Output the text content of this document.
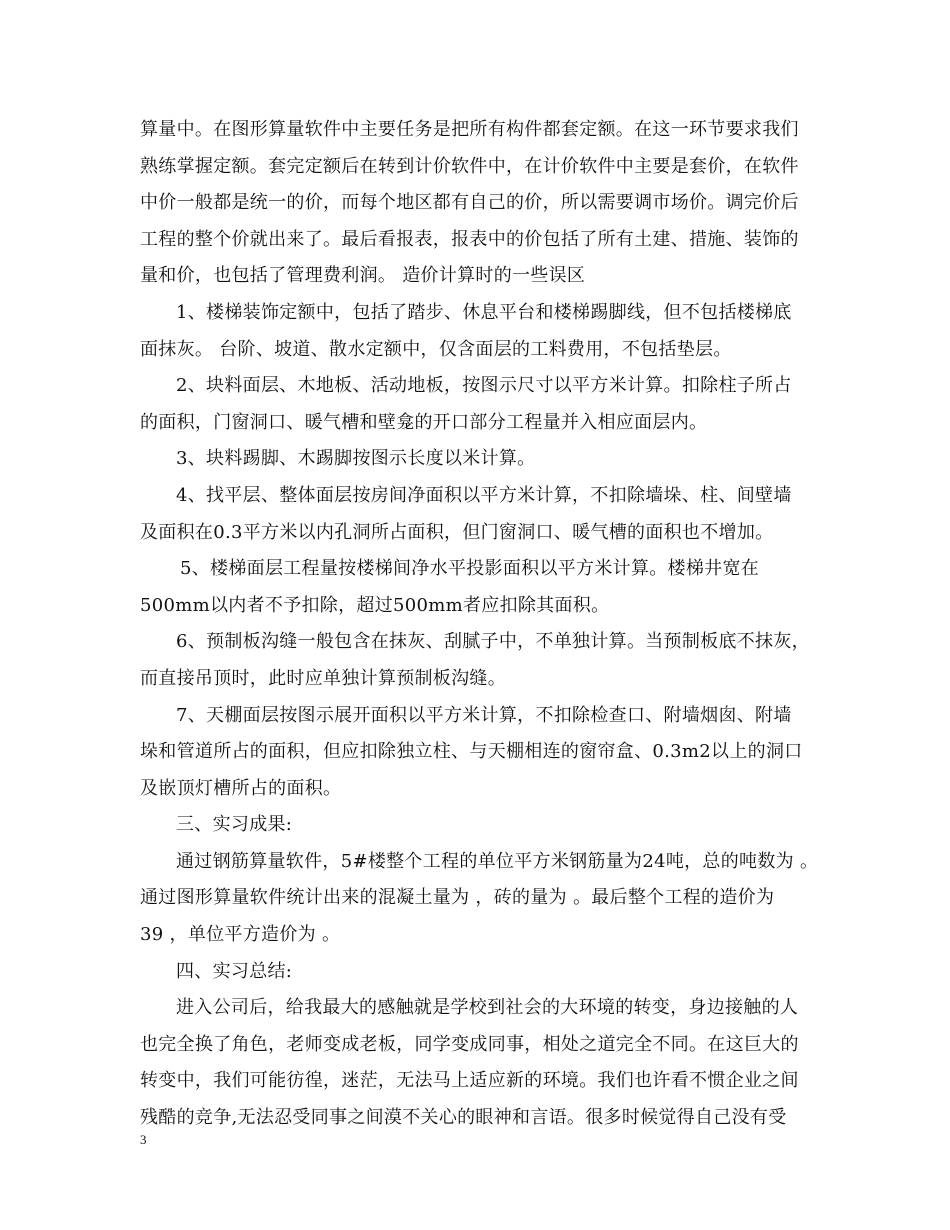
算量中。在图形算量软件中主要任务是把所有构件都套定额。在这一环节要求我们
熟练掌握定额。套完定额后在转到计价软件中，在计价软件中主要是套价，在软件
中价一般都是统一的价，而每个地区都有自己的价，所以需要调市场价。调完价后
工程的整个价就出来了。最后看报表，报表中的价包括了所有土建、措施、装饰的
量和价，也包括了管理费利润。 造价计算时的一些误区
1、楼梯装饰定额中，包括了踏步、休息平台和楼梯踢脚线，但不包括楼梯底
面抹灰。 台阶、坡道、散水定额中，仅含面层的工料费用，不包括垫层。
2、块料面层、木地板、活动地板，按图示尺寸以平方米计算。扣除柱子所占
的面积，门窗洞口、暖气槽和壁龛的开口部分工程量并入相应面层内。
3、块料踢脚、木踢脚按图示长度以米计算。
4、找平层、整体面层按房间净面积以平方米计算，不扣除墙垛、柱、间壁墙
及面积在0.3平方米以内孔洞所占面积，但门窗洞口、暖气槽的面积也不增加。
5、楼梯面层工程量按楼梯间净水平投影面积以平方米计算。楼梯井宽在
500mm以内者不予扣除，超过500mm者应扣除其面积。
6、预制板沟缝一般包含在抹灰、刮腻子中，不单独计算。当预制板底不抹灰，
而直接吊顶时，此时应单独计算预制板沟缝。
7、天棚面层按图示展开面积以平方米计算，不扣除检查口、附墙烟囱、附墙
垛和管道所占的面积，但应扣除独立柱、与天棚相连的窗帘盒、0.3m2以上的洞口
及嵌顶灯槽所占的面积。
三、实习成果:
通过钢筋算量软件，5#楼整个工程的单位平方米钢筋量为24吨，总的吨数为 。
通过图形算量软件统计出来的混凝土量为 ，砖的量为 。最后整个工程的造价为
39 ，单位平方造价为 。
四、实习总结:
进入公司后，给我最大的感触就是学校到社会的大环境的转变，身边接触的人
也完全换了角色，老师变成老板，同学变成同事，相处之道完全不同。在这巨大的
转变中，我们可能彷徨，迷茫，无法马上适应新的环境。我们也许看不惯企业之间
残酷的竞争,无法忍受同事之间漠不关心的眼神和言语。很多时候觉得自己没有受
3
